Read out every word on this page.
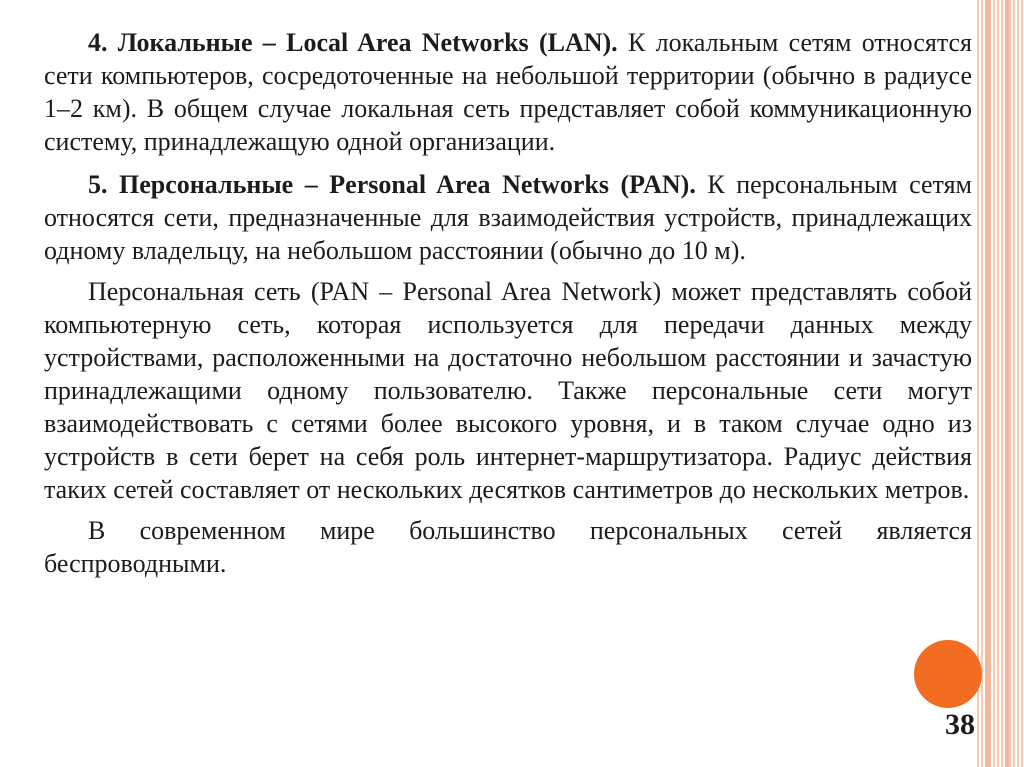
4. Локальные – Local Area Networks (LAN). К локальным сетям относятся сети компьютеров, сосредоточенные на небольшой территории (обычно в радиусе 1–2 км). В общем случае локальная сеть представляет собой коммуникационную систему, принадлежащую одной организации.

5. Персональные – Personal Area Networks (PAN). К персональным сетям относятся сети, предназначенные для взаимодействия устройств, принадлежащих одному владельцу, на небольшом расстоянии (обычно до 10 м).

Персональная сеть (PAN – Personal Area Network) может представлять собой компьютерную сеть, которая используется для передачи данных между устройствами, расположенными на достаточно небольшом расстоянии и зачастую принадлежащими одному пользователю. Также персональные сети могут взаимодействовать с сетями более высокого уровня, и в таком случае одно из устройств в сети берет на себя роль интернет-маршрутизатора. Радиус действия таких сетей составляет от нескольких десятков сантиметров до нескольких метров.

В современном мире большинство персональных сетей является беспроводными.

38
